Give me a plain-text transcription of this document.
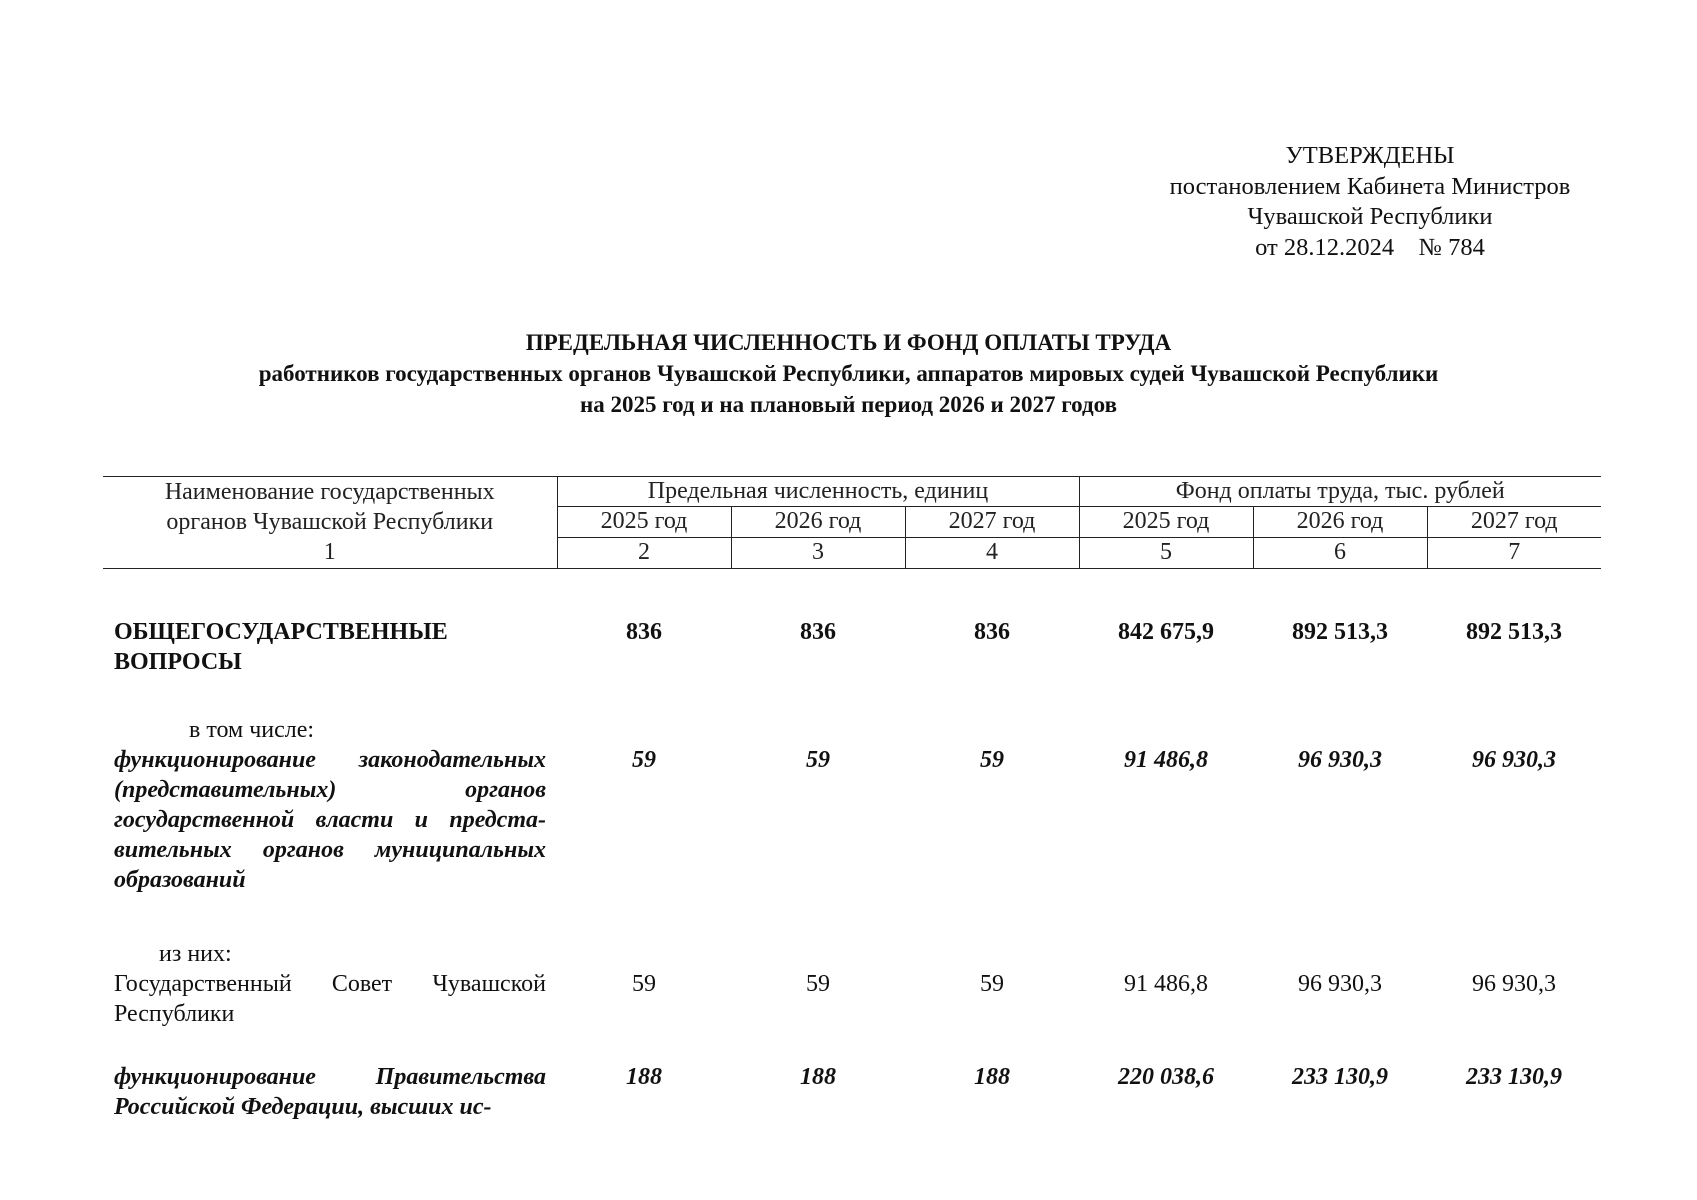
УТВЕРЖДЕНЫ
постановлением Кабинета Министров
Чувашской Республики
от 28.12.2024    № 784
ПРЕДЕЛЬНАЯ ЧИСЛЕННОСТЬ И ФОНД ОПЛАТЫ ТРУДА
работников государственных органов Чувашской Республики, аппаратов мировых судей Чувашской Республики
на 2025 год и на плановый период 2026 и 2027 годов
Наименование государственных
органов Чувашской Республики	Предельная численность, единиц			Фонд оплаты труда, тыс. рублей		
	2025 год	2026 год	2027 год	2025 год	2026 год	2027 год
1	2	3	4	5	6	7
ОБЩЕГОСУДАРСТВЕННЫЕ ВОПРОСЫ	836	836	836	842 675,9	892 513,3	892 513,3

в том числе:
функционирование законодательных (представительных) органов государственной власти и представительных органов муниципальных образований	59	59	59	91 486,8	96 930,3	96 930,3

из них:
Государственный Совет Чувашской Республики	59	59	59	91 486,8	96 930,3	96 930,3
функционирование Правительства Российской Федерации, высших ис-	188	188	188	220 038,6	233 130,9	233 130,9
